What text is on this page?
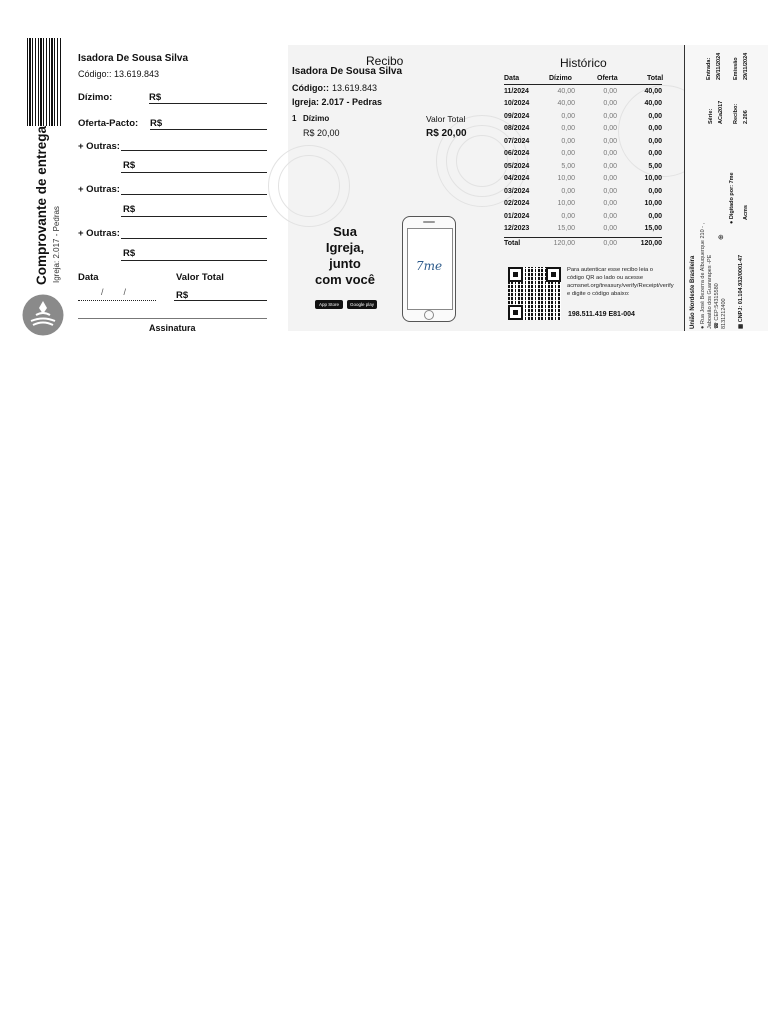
Comprovante de entrega Igreja: 2.017 - Pedras
Isadora De Sousa Silva
Código:: 13.619.843
Dízimo:	R$
Oferta-Pacto: R$
+ Outras:
R$
+ Outras:
R$
+ Outras:
R$
Data	Valor Total
/        /	R$
Assinatura
Recibo
Isadora De Sousa Silva
Código:: 13.619.843
Igreja: 2.017 - Pedras
1 Dízimo	Valor Total
R$ 20,00	R$ 20,00
Sua
Igreja,
junto
com você
App Store	Google play
7me
Histórico
Data	Dízimo	Oferta	Total
11/2024	40,00	0,00	40,00
10/2024	40,00	0,00	40,00
09/2024	0,00	0,00	0,00
08/2024	0,00	0,00	0,00
07/2024	0,00	0,00	0,00
06/2024	0,00	0,00	0,00
05/2024	5,00	0,00	5,00
04/2024	10,00	0,00	10,00
03/2024	0,00	0,00	0,00
02/2024	10,00	0,00	10,00
01/2024	0,00	0,00	0,00
12/2023	15,00	0,00	15,00
Total	120,00	0,00	120,00
Para autenticar esse recibo leia o código QR ao lado ou acesse acmsnet.org/treasury/verify/Receipt/verify e digite o código abaixo:
198.511.419 E81-004	União Nordeste Brasileira ● Rua José Bezerra de Albuquerque 210 - , Jaboatão dos Guararapes -PE ☎ CEP:54315580 8131212400 ▩ CNPJ: 01.104.932/0001-47
Série: ACa2017 Recibo: 2.206
Entrada: 29/11/2024 Emissão 29/11/2024
⊕
● Digitado por: 7me
Acms
